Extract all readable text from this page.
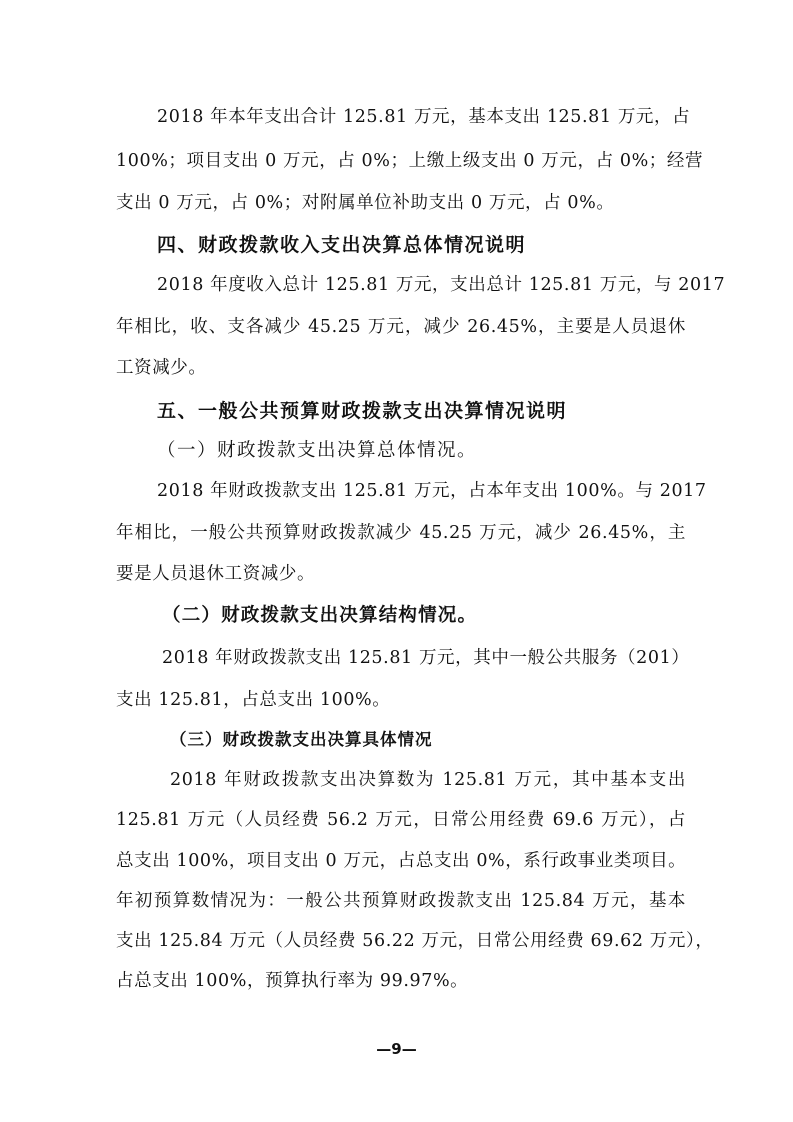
2018 年本年支出合计 125.81 万元，基本支出 125.81 万元，占
100%；项目支出 0 万元，占 0%；上缴上级支出 0 万元，占 0%；经营
支出 0 万元，占 0%；对附属单位补助支出 0 万元，占 0%。
四、财政拨款收入支出决算总体情况说明
2018 年度收入总计 125.81 万元，支出总计 125.81 万元，与 2017
年相比，收、支各减少 45.25 万元，减少 26.45%，主要是人员退休
工资减少。
五、一般公共预算财政拨款支出决算情况说明
（一）财政拨款支出决算总体情况。
2018 年财政拨款支出 125.81 万元，占本年支出 100%。与 2017
年相比，一般公共预算财政拨款减少 45.25 万元，减少 26.45%，主
要是人员退休工资减少。
（二）财政拨款支出决算结构情况。
2018 年财政拨款支出 125.81 万元，其中一般公共服务（201）
支出 125.81，占总支出 100%。
（三）财政拨款支出决算具体情况
2018 年财政拨款支出决算数为 125.81 万元，其中基本支出
125.81 万元（人员经费 56.2 万元，日常公用经费 69.6 万元），占
总支出 100%，项目支出 0 万元，占总支出 0%，系行政事业类项目。
年初预算数情况为：一般公共预算财政拨款支出 125.84 万元，基本
支出 125.84 万元（人员经费 56.22 万元，日常公用经费 69.62 万元），
占总支出 100%，预算执行率为 99.97%。
—9—
